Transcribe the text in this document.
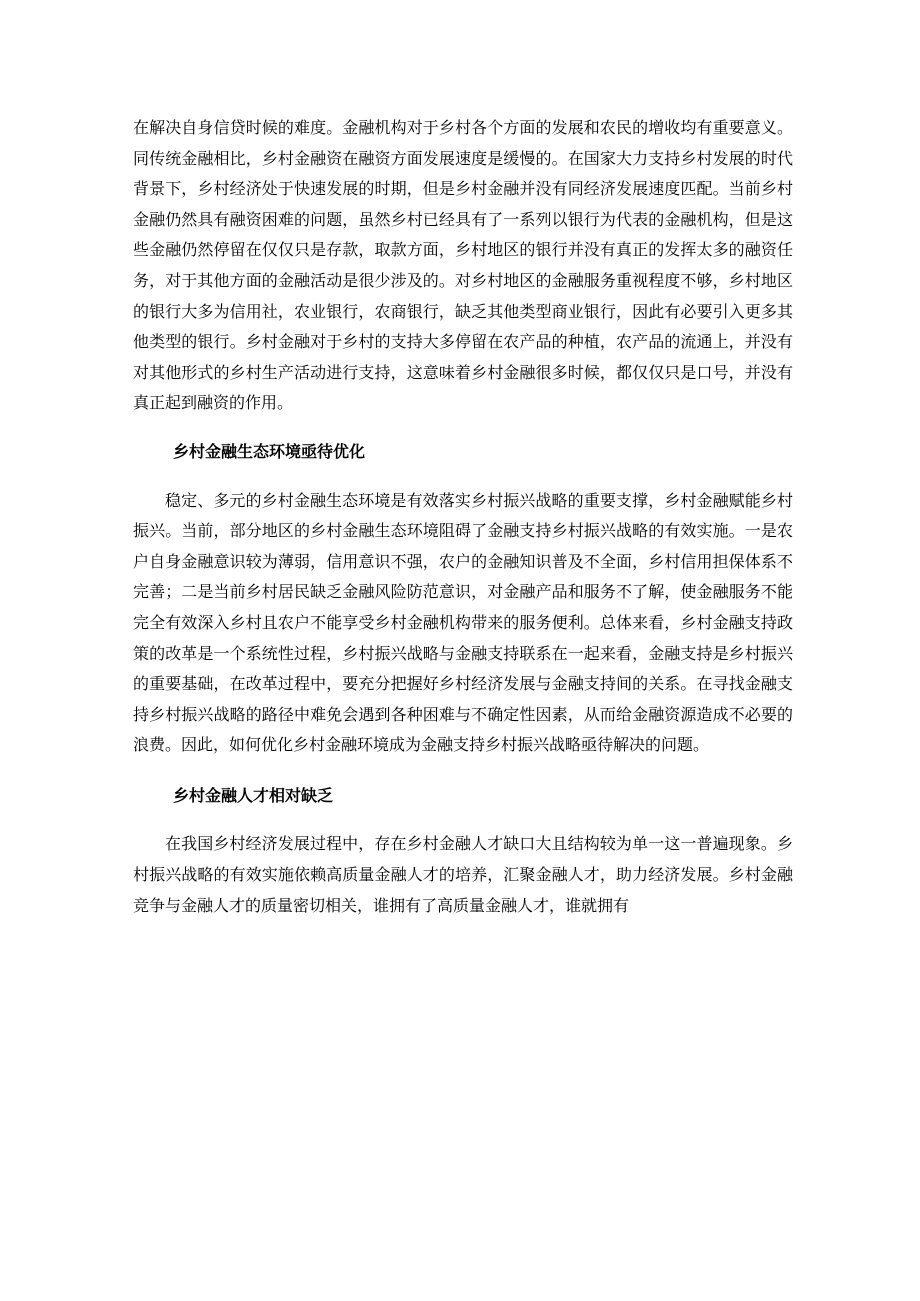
在解决自身信贷时候的难度。金融机构对于乡村各个方面的发展和农民的增收均有重要意义。同传统金融相比，乡村金融资在融资方面发展速度是缓慢的。在国家大力支持乡村发展的时代背景下，乡村经济处于快速发展的时期，但是乡村金融并没有同经济发展速度匹配。当前乡村金融仍然具有融资困难的问题，虽然乡村已经具有了一系列以银行为代表的金融机构，但是这些金融仍然停留在仅仅只是存款，取款方面，乡村地区的银行并没有真正的发挥太多的融资任务，对于其他方面的金融活动是很少涉及的。对乡村地区的金融服务重视程度不够，乡村地区的银行大多为信用社，农业银行，农商银行，缺乏其他类型商业银行，因此有必要引入更多其他类型的银行。乡村金融对于乡村的支持大多停留在农产品的种植，农产品的流通上，并没有对其他形式的乡村生产活动进行支持，这意味着乡村金融很多时候，都仅仅只是口号，并没有真正起到融资的作用。

乡村金融生态环境亟待优化

稳定、多元的乡村金融生态环境是有效落实乡村振兴战略的重要支撑，乡村金融赋能乡村振兴。当前，部分地区的乡村金融生态环境阻碍了金融支持乡村振兴战略的有效实施。一是农户自身金融意识较为薄弱，信用意识不强，农户的金融知识普及不全面，乡村信用担保体系不完善；二是当前乡村居民缺乏金融风险防范意识，对金融产品和服务不了解，使金融服务不能完全有效深入乡村且农户不能享受乡村金融机构带来的服务便利。总体来看，乡村金融支持政策的改革是一个系统性过程，乡村振兴战略与金融支持联系在一起来看，金融支持是乡村振兴的重要基础，在改革过程中，要充分把握好乡村经济发展与金融支持间的关系。在寻找金融支持乡村振兴战略的路径中难免会遇到各种困难与不确定性因素，从而给金融资源造成不必要的浪费。因此，如何优化乡村金融环境成为金融支持乡村振兴战略亟待解决的问题。

乡村金融人才相对缺乏

在我国乡村经济发展过程中，存在乡村金融人才缺口大且结构较为单一这一普遍现象。乡村振兴战略的有效实施依赖高质量金融人才的培养，汇聚金融人才，助力经济发展。乡村金融竞争与金融人才的质量密切相关，谁拥有了高质量金融人才，谁就拥有
